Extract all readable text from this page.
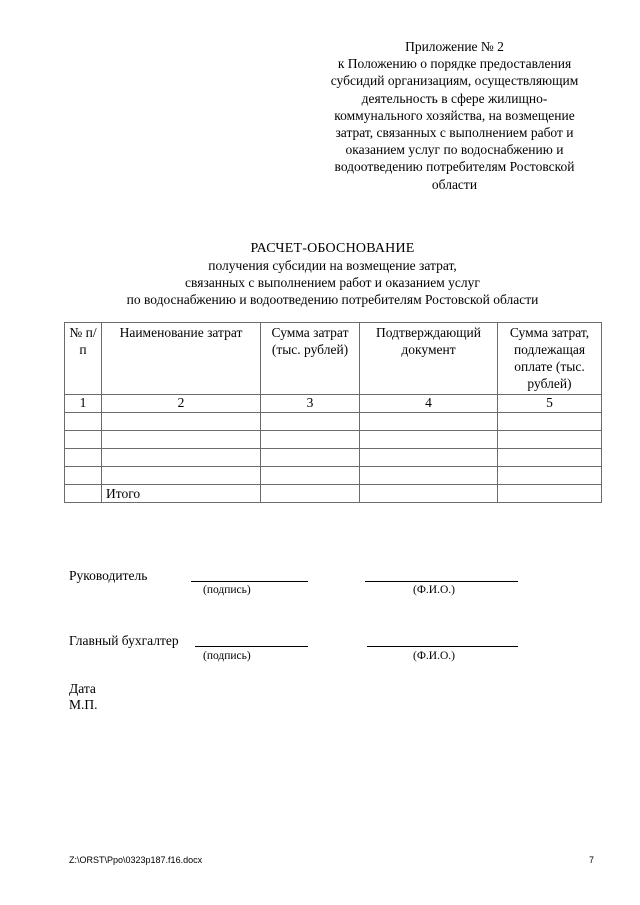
Приложение № 2
к Положению о порядке предоставления
субсидий организациям, осуществляющим
деятельность в сфере жилищно-
коммунального хозяйства, на возмещение
затрат, связанных с выполнением работ и
оказанием услуг по водоснабжению и
водоотведению потребителям Ростовской
области
РАСЧЕТ-ОБОСНОВАНИЕ
получения субсидии на возмещение затрат,
связанных с выполнением работ и оказанием услуг
по водоснабжению и водоотведению потребителям Ростовской области
№ п/п	Наименование затрат	Сумма затрат (тыс. рублей)	Подтверждающий документ	Сумма затрат, подлежащая оплате (тыс. рублей)
1	2	3	4	5

	Итого			
Руководитель
(подпись)	(Ф.И.О.)
Главный бухгалтер
(подпись)	(Ф.И.О.)
Дата
М.П.
Z:\ORST\Ppo\0323p187.f16.docx	7
